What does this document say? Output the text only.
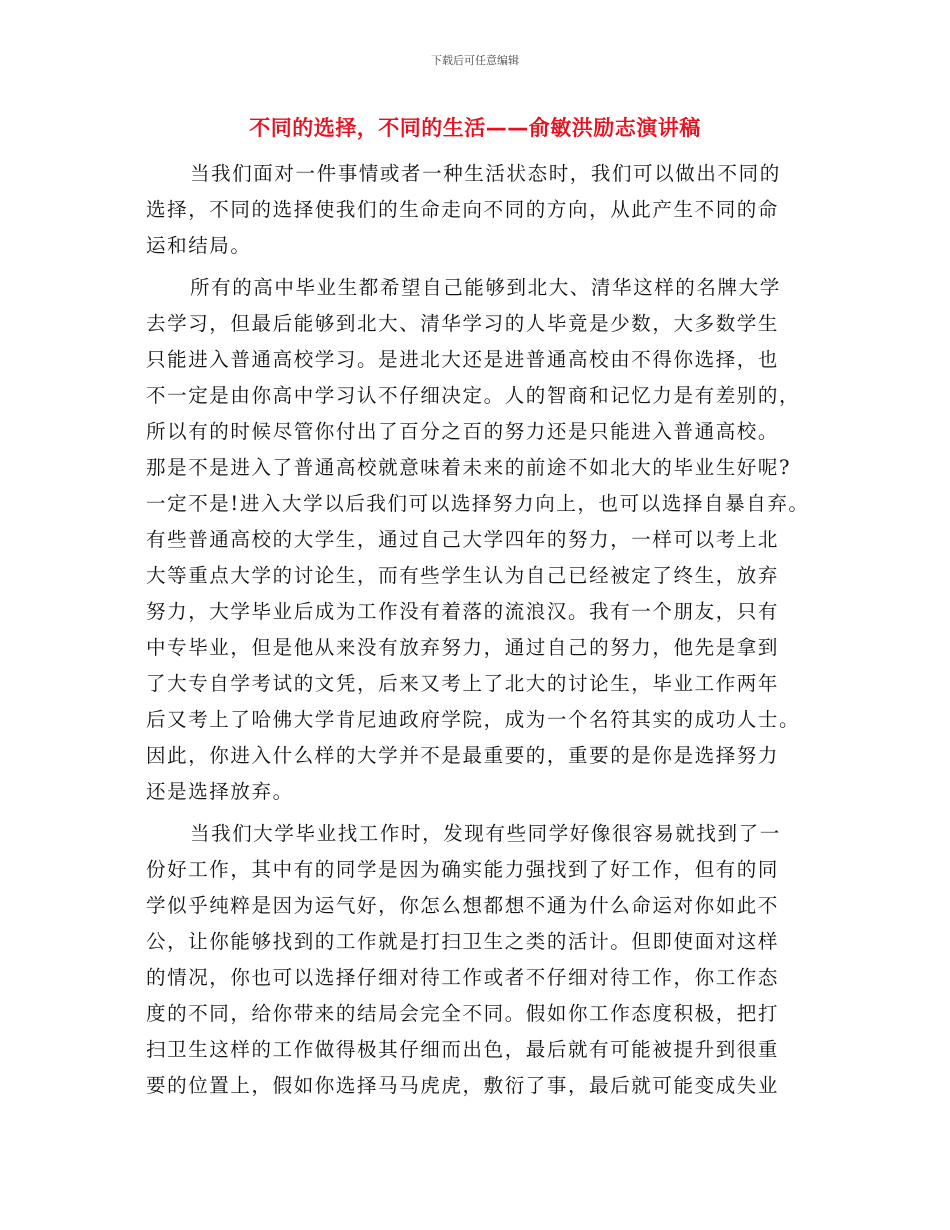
下载后可任意编辑
不同的选择，不同的生活——俞敏洪励志演讲稿
当我们面对一件事情或者一种生活状态时，我们可以做出不同的
选择，不同的选择使我们的生命走向不同的方向，从此产生不同的命
运和结局。
所有的高中毕业生都希望自己能够到北大、清华这样的名牌大学
去学习，但最后能够到北大、清华学习的人毕竟是少数，大多数学生
只能进入普通高校学习。是进北大还是进普通高校由不得你选择，也
不一定是由你高中学习认不仔细决定。人的智商和记忆力是有差别的，
所以有的时候尽管你付出了百分之百的努力还是只能进入普通高校。
那是不是进入了普通高校就意味着未来的前途不如北大的毕业生好呢?
一定不是!进入大学以后我们可以选择努力向上，也可以选择自暴自弃。
有些普通高校的大学生，通过自己大学四年的努力，一样可以考上北
大等重点大学的讨论生，而有些学生认为自己已经被定了终生，放弃
努力，大学毕业后成为工作没有着落的流浪汉。我有一个朋友，只有
中专毕业，但是他从来没有放弃努力，通过自己的努力，他先是拿到
了大专自学考试的文凭，后来又考上了北大的讨论生，毕业工作两年
后又考上了哈佛大学肯尼迪政府学院，成为一个名符其实的成功人士。
因此，你进入什么样的大学并不是最重要的，重要的是你是选择努力
还是选择放弃。
当我们大学毕业找工作时，发现有些同学好像很容易就找到了一
份好工作，其中有的同学是因为确实能力强找到了好工作，但有的同
学似乎纯粹是因为运气好，你怎么想都想不通为什么命运对你如此不
公，让你能够找到的工作就是打扫卫生之类的活计。但即使面对这样
的情况，你也可以选择仔细对待工作或者不仔细对待工作，你工作态
度的不同，给你带来的结局会完全不同。假如你工作态度积极，把打
扫卫生这样的工作做得极其仔细而出色，最后就有可能被提升到很重
要的位置上，假如你选择马马虎虎，敷衍了事，最后就可能变成失业
